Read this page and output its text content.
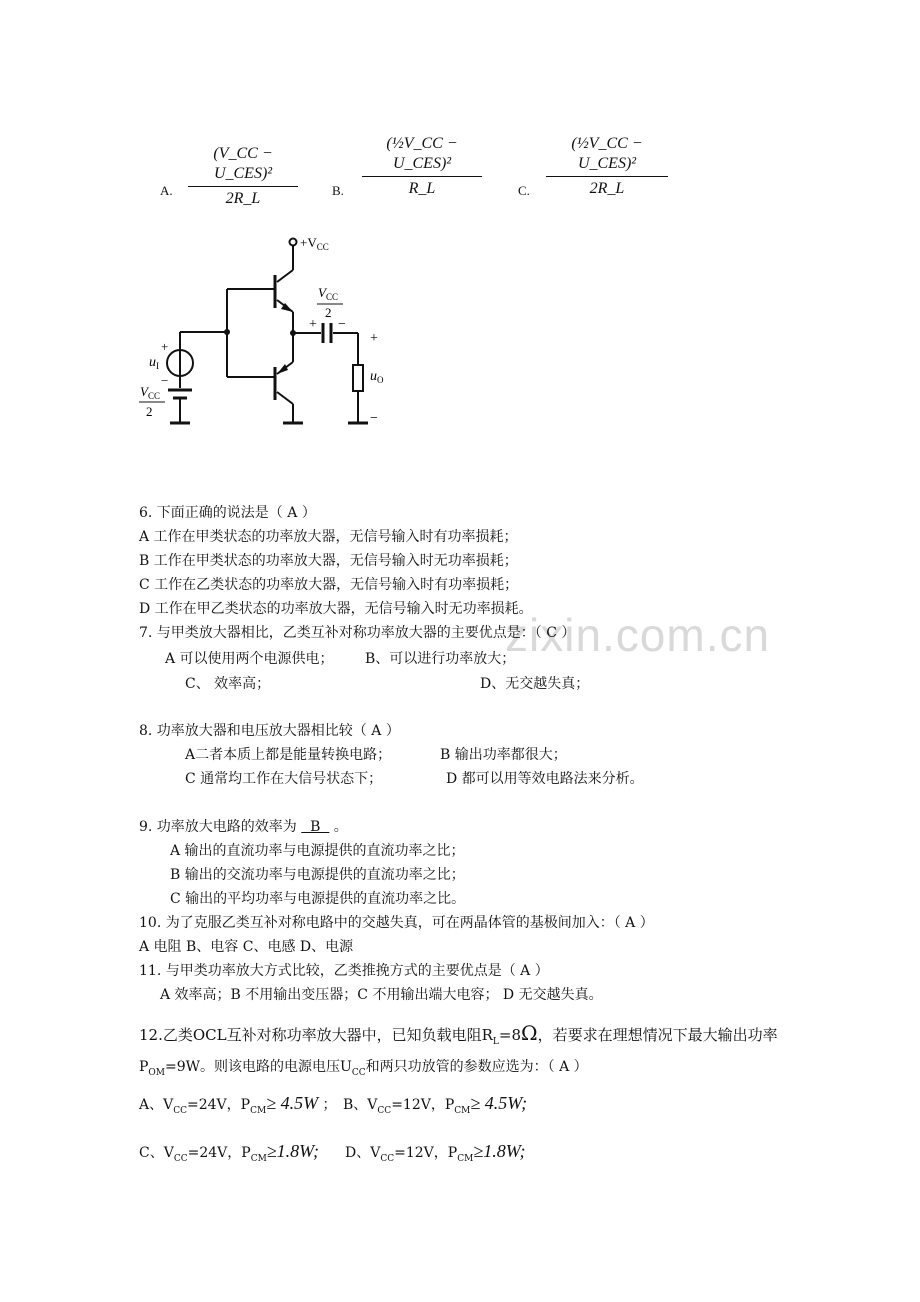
(V_CC − U_CES)²
2R_L
A.
(½V_CC − U_CES)²
R_L
B.
(½V_CC − U_CES)²
2R_L
C.
$+V_{CC}$
$V_{CC}$
2
+ −
+
−
$u_O$
$u_I$
+
−
$V_{CC}$
2
zixin.com.cn
6. 下面正确的说法是（ A ）
A 工作在甲类状态的功率放大器，无信号输入时有功率损耗；
B 工作在甲类状态的功率放大器，无信号输入时无功率损耗；
C 工作在乙类状态的功率放大器，无信号输入时有功率损耗；
D 工作在甲乙类状态的功率放大器，无信号输入时无功率损耗。
7. 与甲类放大器相比，乙类互补对称功率放大器的主要优点是：（ C ）
A 可以使用两个电源供电； B、可以进行功率放大；
C、 效率高；	D、无交越失真；
8. 功率放大器和电压放大器相比较（ A ）
A二者本质上都是能量转换电路；	B 输出功率都很大；
C 通常均工作在大信号状态下；	D 都可以用等效电路法来分析。
9. 功率放大电路的效率为   B   。
A 输出的直流功率与电源提供的直流功率之比；
B 输出的交流功率与电源提供的直流功率之比；
C 输出的平均功率与电源提供的直流功率之比。
10. 为了克服乙类互补对称电路中的交越失真，可在两晶体管的基极间加入：（ A ）
A 电阻 B、电容 C、电感 D、电源
11. 与甲类功率放大方式比较，乙类推挽方式的主要优点是（ A ）
A 效率高；B 不用输出变压器；C 不用输出端大电容； D 无交越失真。
12.乙类OCL互补对称功率放大器中，已知负载电阻$R_L=8\Omega$，若要求在理想情况下最大输出功率
$P_{OM}=9W$。则该电路的电源电压$U_{CC}$和两只功放管的参数应选为：（ A ）
A、$V_{CC}=24V$，$P_{CM}\ge 4.5W$ ； B、$V_{CC}=12V$，$P_{CM}\ge 4.5W$;
C、$V_{CC}=24V$，$P_{CM}\ge 1.8W$; D、$V_{CC}=12V$，$P_{CM}\ge 1.8W$;
